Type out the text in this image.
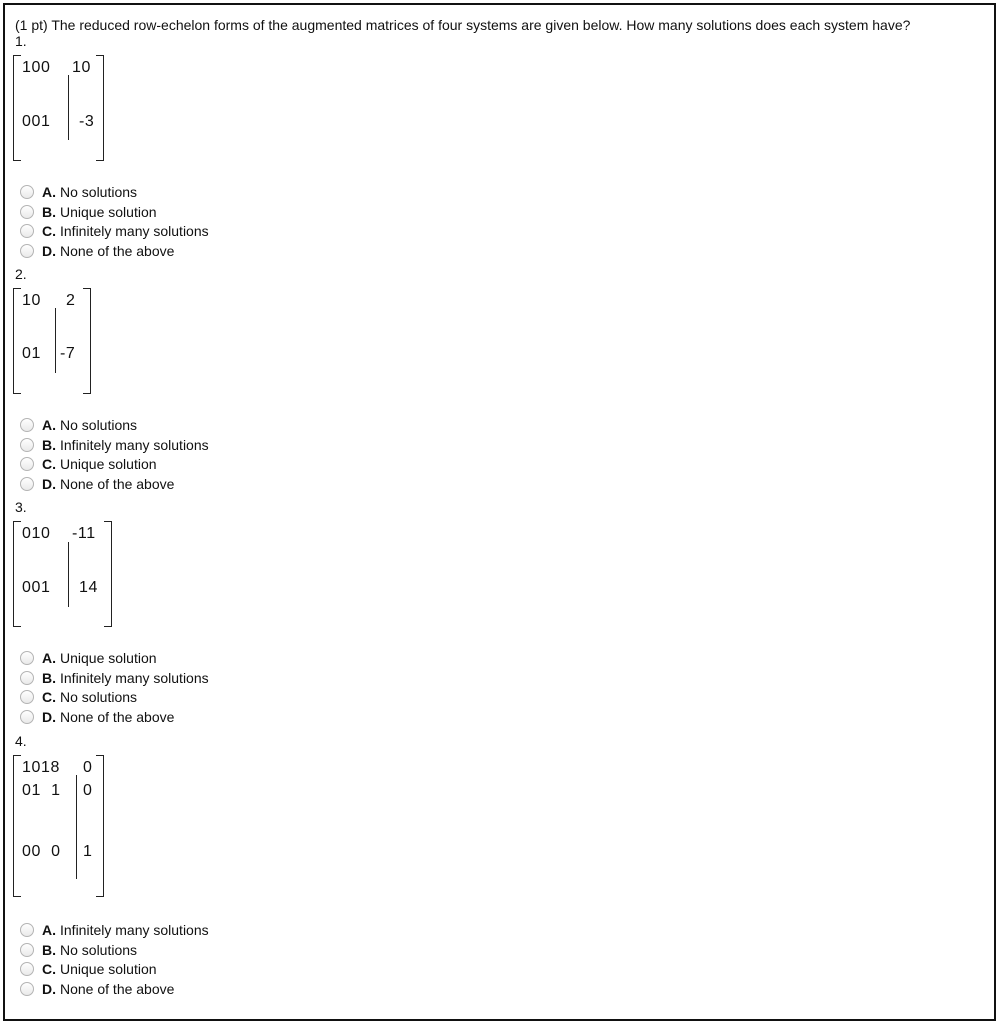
(1 pt) The reduced row-echelon forms of the augmented matrices of four systems are given below. How many solutions does each system have?
1.
100 10
001 -3
A. No solutions
B. Unique solution
C. Infinitely many solutions
D. None of the above
2.
10 2
01 -7
A. No solutions
B. Infinitely many solutions
C. Unique solution
D. None of the above
3.
010 -11
001 14
A. Unique solution
B. Infinitely many solutions
C. No solutions
D. None of the above
4.
1018 0
01  1 0
00  0 1
A. Infinitely many solutions
B. No solutions
C. Unique solution
D. None of the above
